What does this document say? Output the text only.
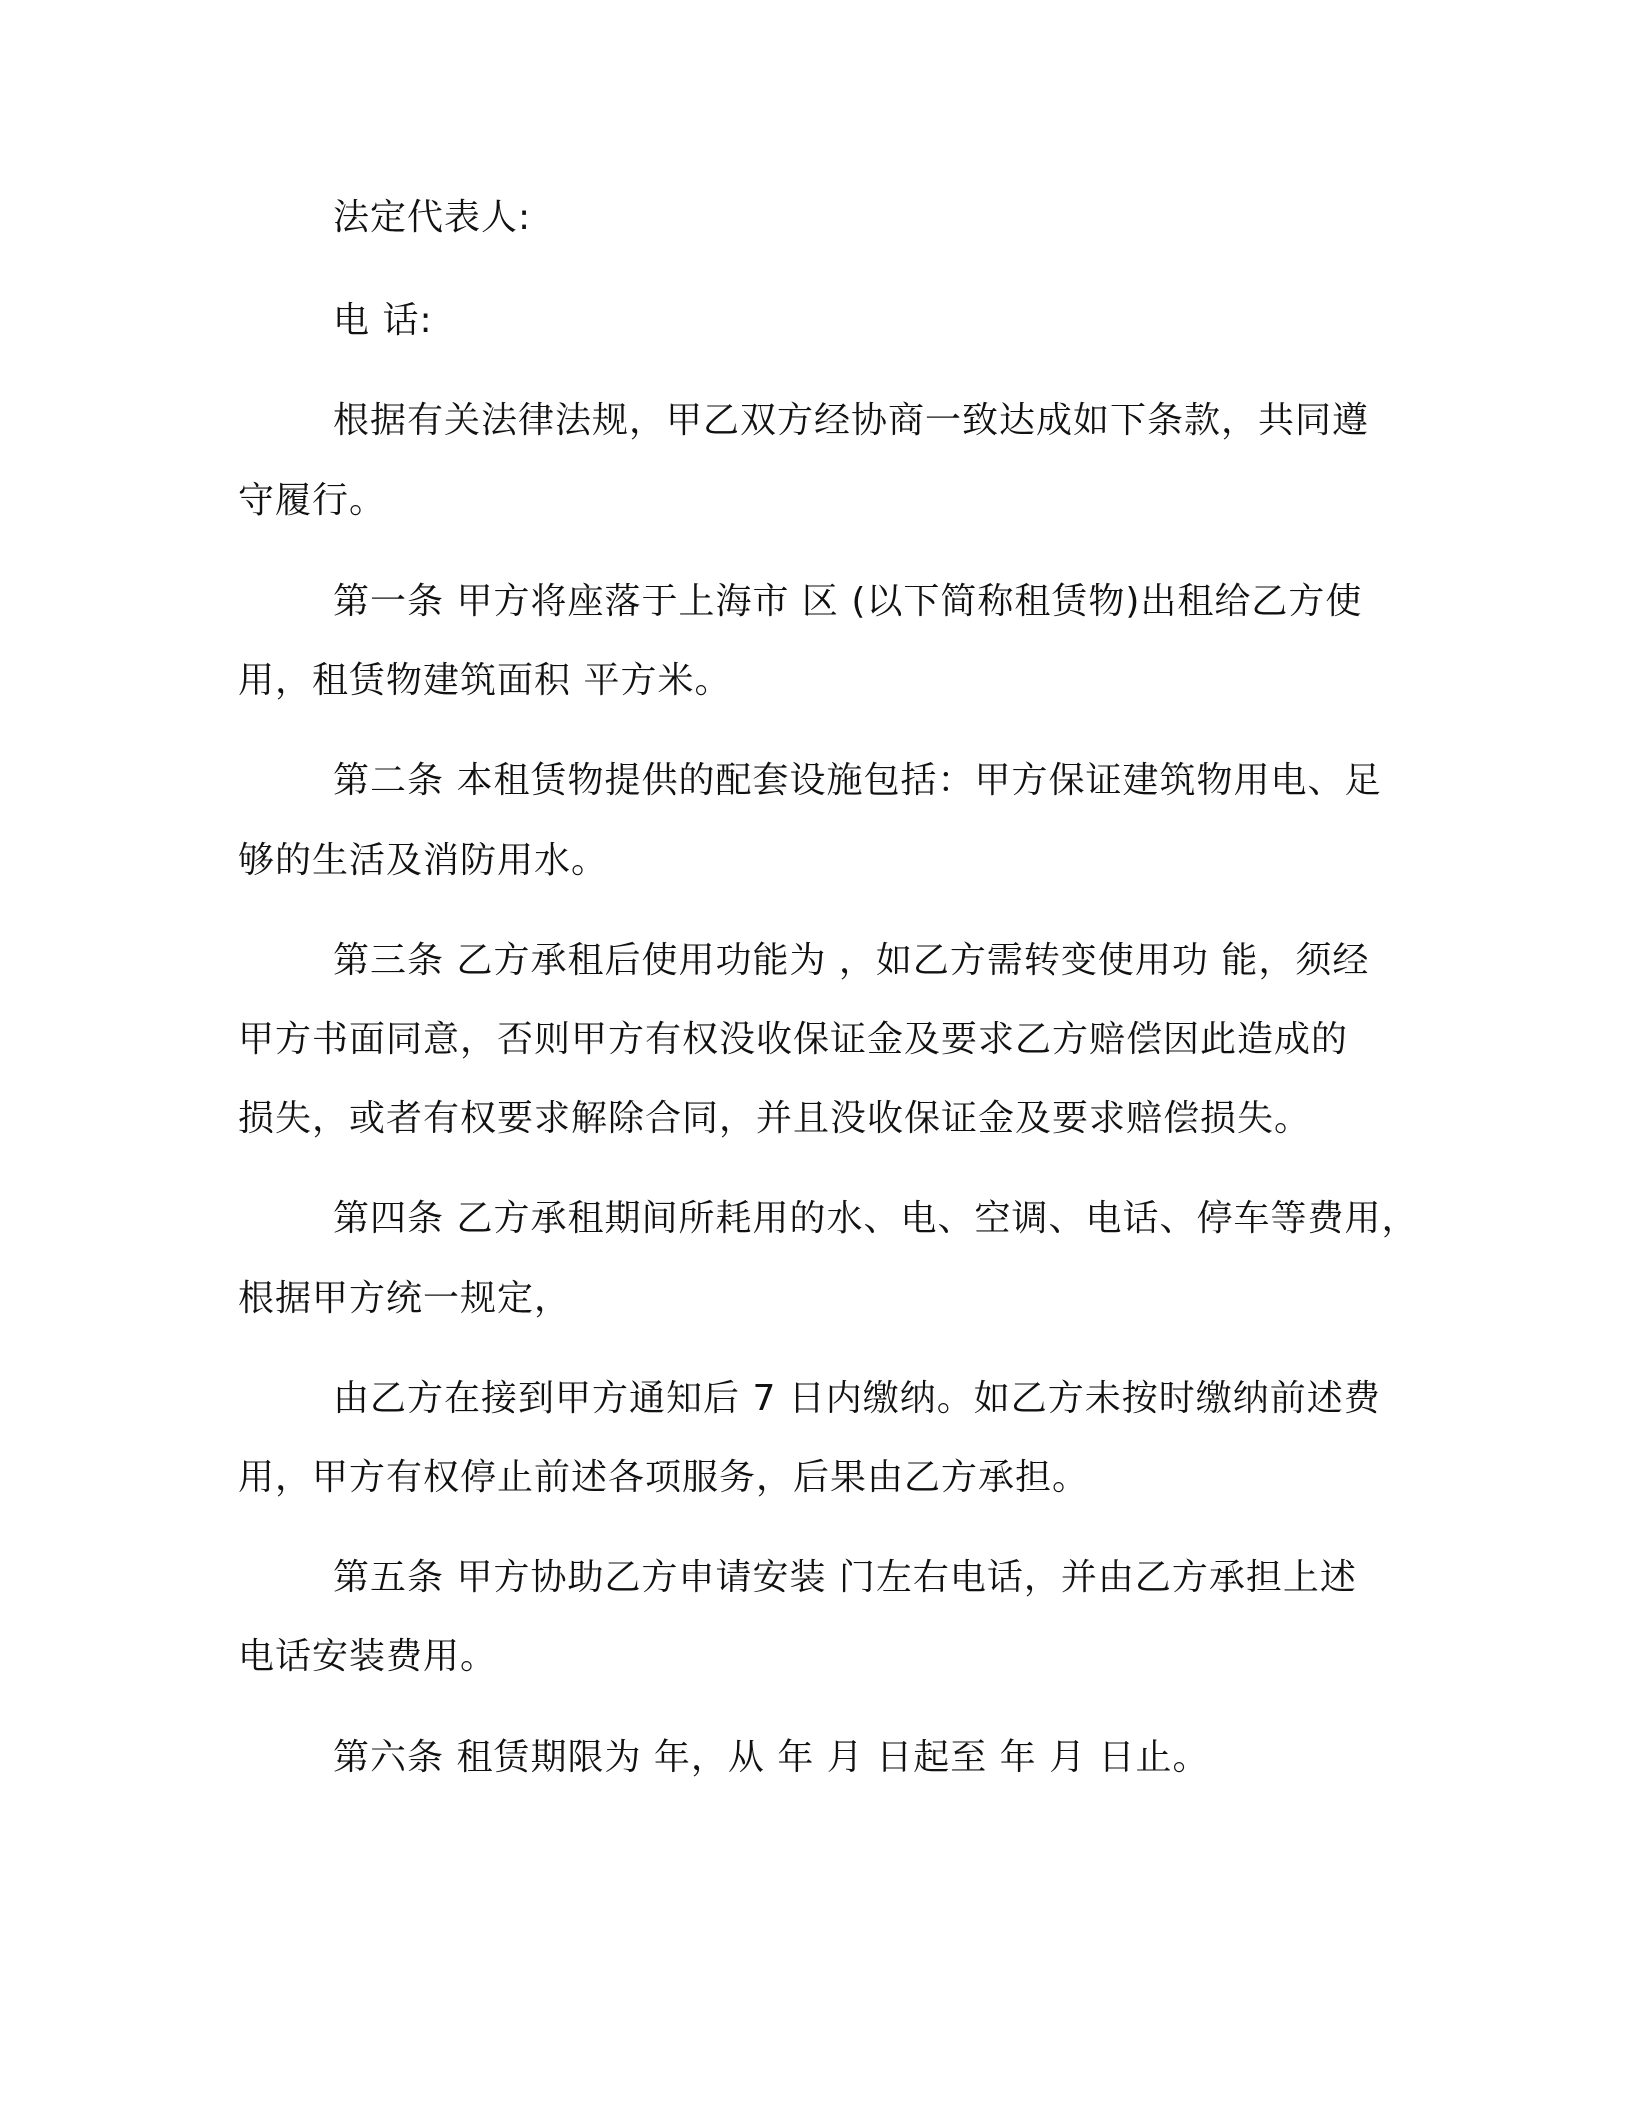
法定代表人:
电 话:
根据有关法律法规，甲乙双方经协商一致达成如下条款，共同遵
守履行。
第一条 甲方将座落于上海市 区 (以下简称租赁物)出租给乙方使
用，租赁物建筑面积 平方米。
第二条 本租赁物提供的配套设施包括：甲方保证建筑物用电、足
够的生活及消防用水。
第三条 乙方承租后使用功能为 ，如乙方需转变使用功 能，须经
甲方书面同意，否则甲方有权没收保证金及要求乙方赔偿因此造成的
损失，或者有权要求解除合同，并且没收保证金及要求赔偿损失。
第四条 乙方承租期间所耗用的水、电、空调、电话、停车等费用，
根据甲方统一规定，
由乙方在接到甲方通知后 7 日内缴纳。如乙方未按时缴纳前述费
用，甲方有权停止前述各项服务，后果由乙方承担。
第五条 甲方协助乙方申请安装 门左右电话，并由乙方承担上述
电话安装费用。
第六条 租赁期限为 年，从 年 月 日起至 年 月 日止。
